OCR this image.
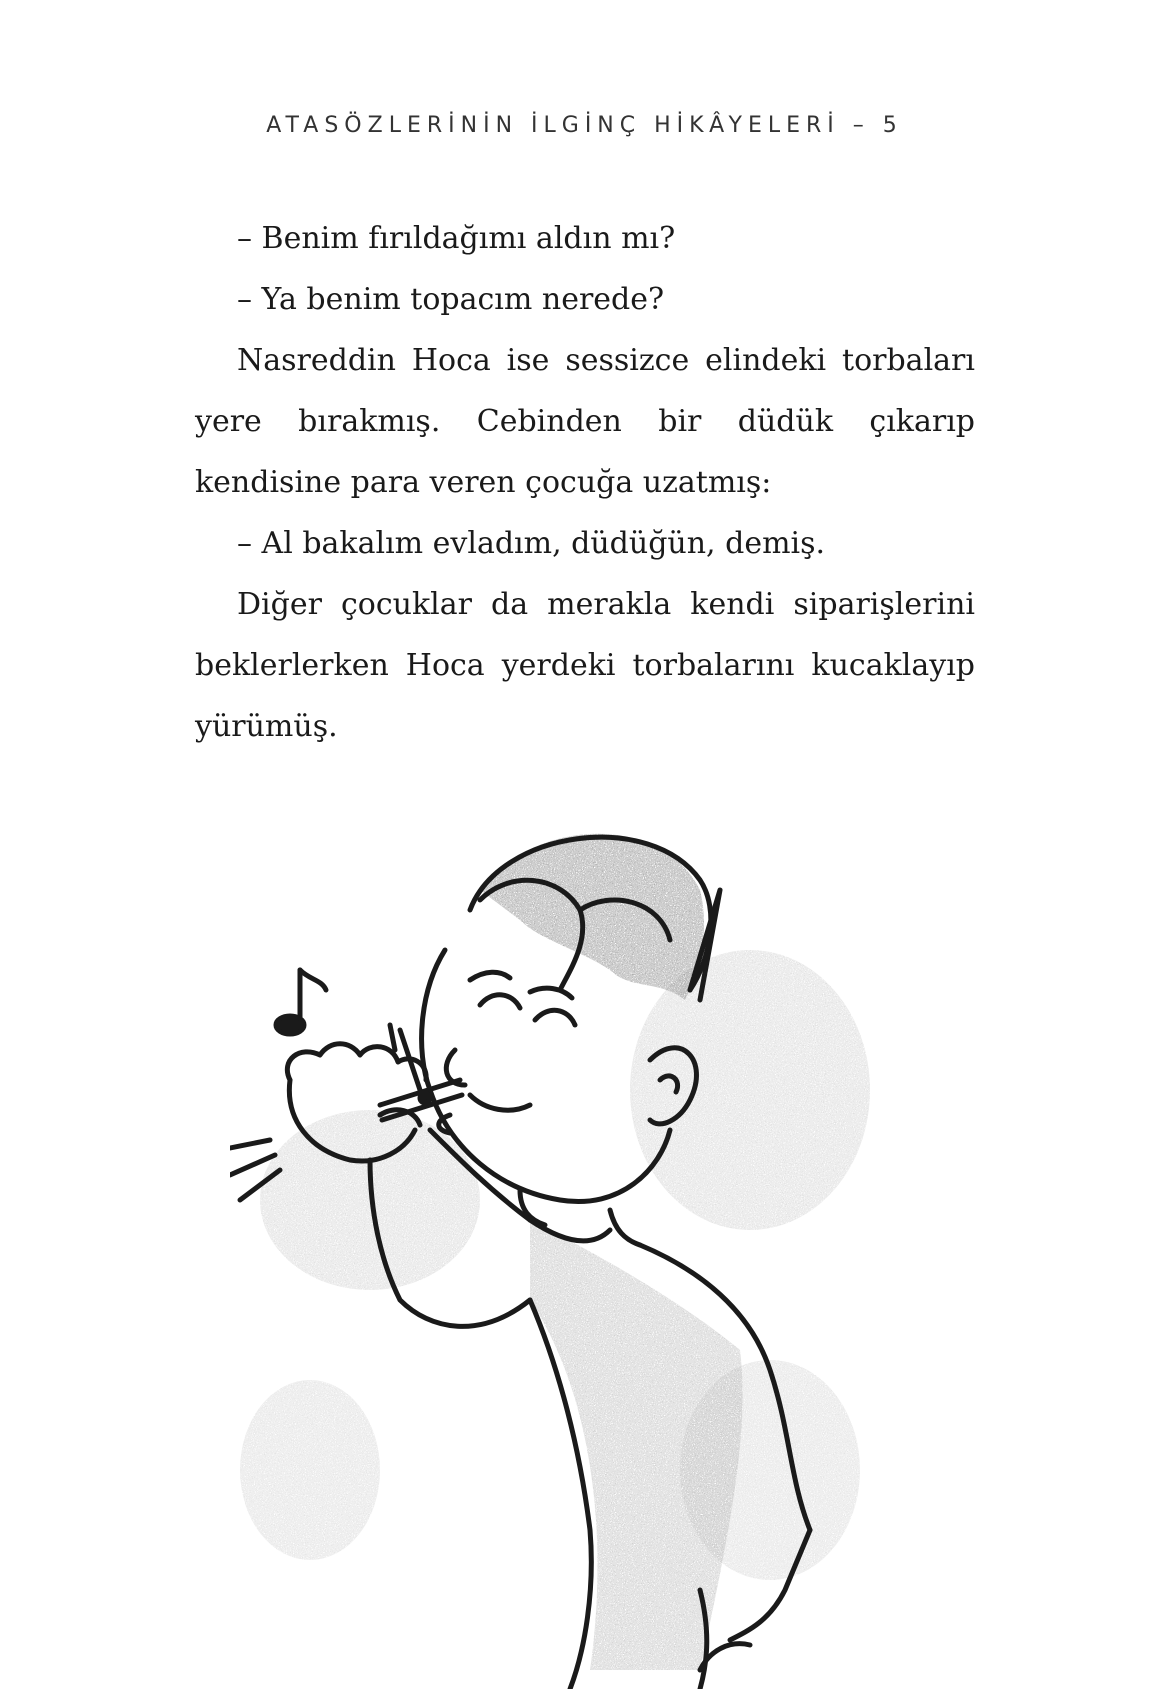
ATASÖZLERİNİN İLGİNÇ HİKÂYELERİ – 5

– Benim fırıldağımı aldın mı?

– Ya benim topacım nerede?

Nasreddin Hoca ise sessizce elindeki torbaları yere bırakmış. Cebinden bir düdük çıkarıp kendisine para veren çocuğa uzatmış:

– Al bakalım evladım, düdüğün, demiş.

Diğer çocuklar da merakla kendi siparişlerini beklerlerken Hoca yerdeki torbalarını kucaklayıp yürümüş.
